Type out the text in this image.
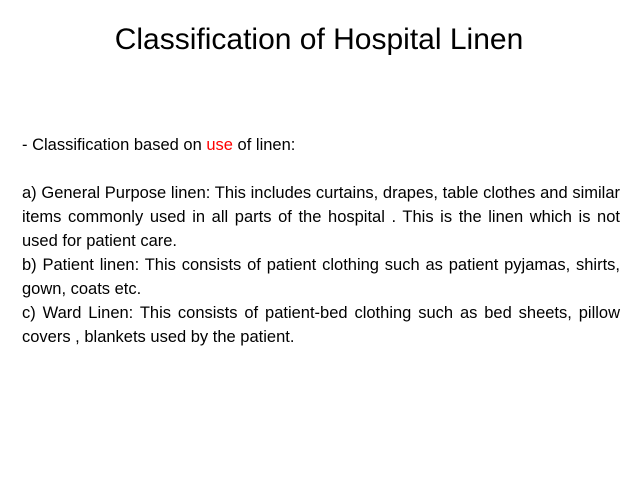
Classification of Hospital Linen

- Classification based on use of linen:

a) General Purpose linen: This includes curtains, drapes, table clothes and similar items commonly used in all parts of the hospital . This is the linen which is not used for patient care.

b) Patient linen: This consists of patient clothing such as patient pyjamas, shirts, gown, coats etc.

c) Ward Linen: This consists of patient-bed clothing such as bed sheets, pillow covers , blankets used by the patient.
